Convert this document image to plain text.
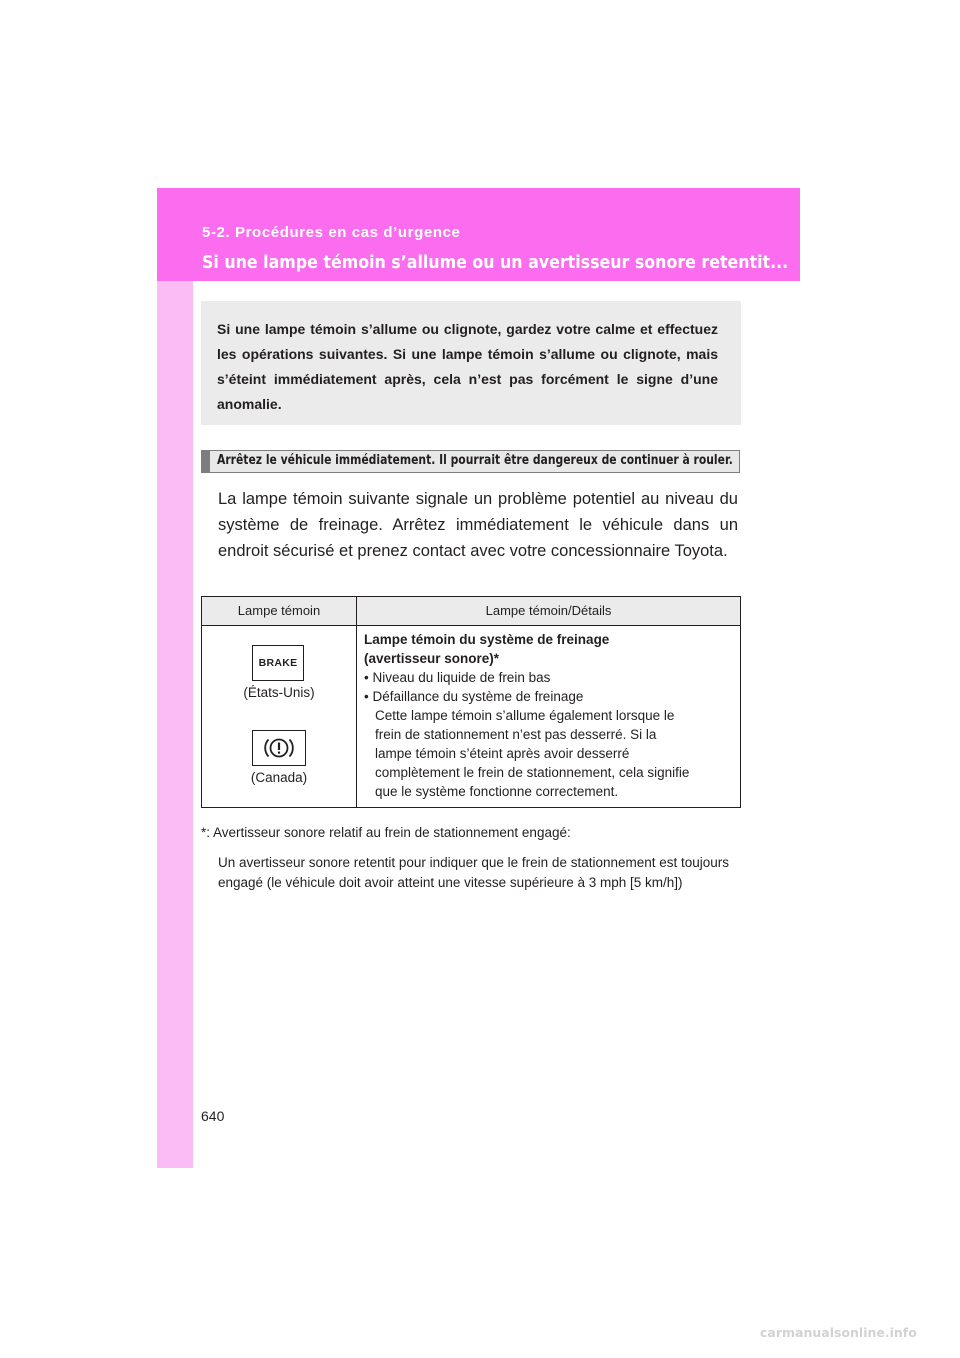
5-2. Procédures en cas d’urgence
Si une lampe témoin s’allume ou un avertisseur sonore retentit...

Si une lampe témoin s’allume ou clignote, gardez votre calme et effectuez les opérations suivantes. Si une lampe témoin s’allume ou clignote, mais s’éteint immédiatement après, cela n’est pas forcément le signe d’une anomalie.

Arrêtez le véhicule immédiatement. Il pourrait être dangereux de continuer à rouler.

La lampe témoin suivante signale un problème potentiel au niveau du système de freinage. Arrêtez immédiatement le véhicule dans un endroit sécurisé et prenez contact avec votre concessionnaire Toyota.

Lampe témoin	Lampe témoin/Détails
BRAKE
(États-Unis)
(Canada)
Lampe témoin du système de freinage
(avertisseur sonore)*
• Niveau du liquide de frein bas
• Défaillance du système de freinage
Cette lampe témoin s’allume également lorsque le
frein de stationnement n’est pas desserré. Si la
lampe témoin s’éteint après avoir desserré
complètement le frein de stationnement, cela signifie
que le système fonctionne correctement.
*: Avertisseur sonore relatif au frein de stationnement engagé:

Un avertisseur sonore retentit pour indiquer que le frein de stationnement est toujours engagé (le véhicule doit avoir atteint une vitesse supérieure à 3 mph [5 km/h])

640
carmanualsonline.info
